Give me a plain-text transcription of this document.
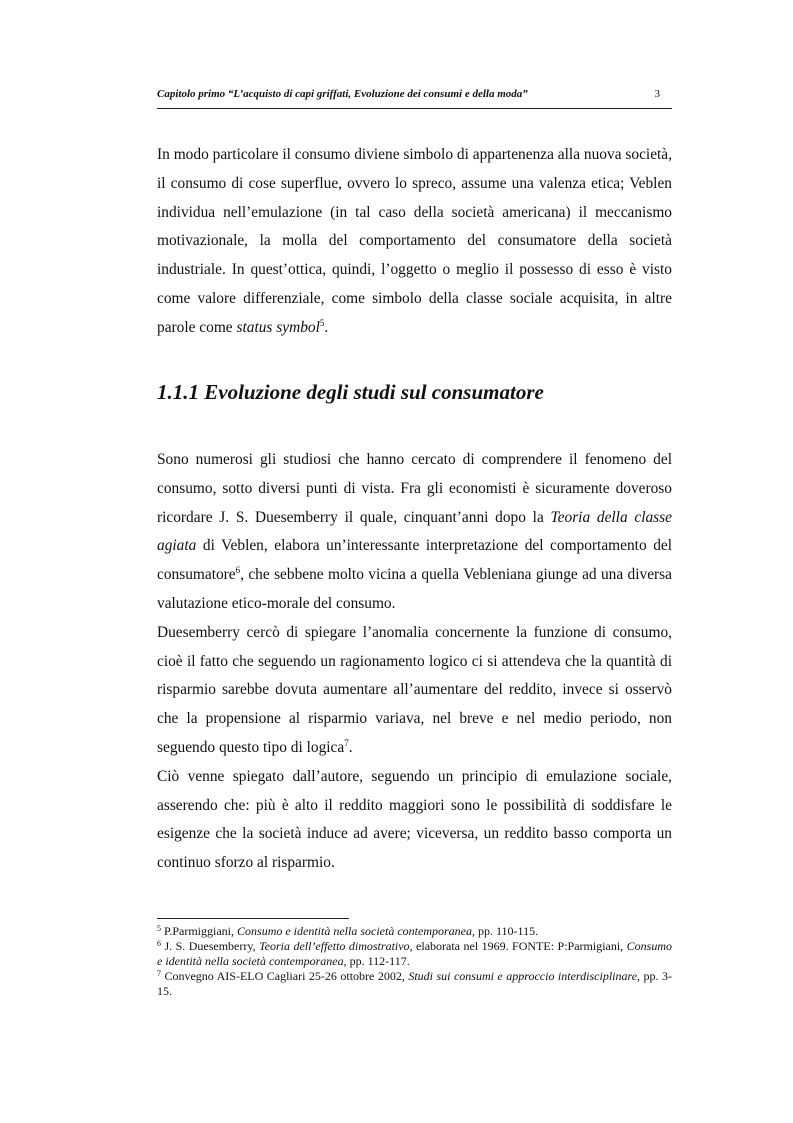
Capitolo primo “L’acquisto di capi griffati, Evoluzione dei consumi e della moda”	3

In modo particolare il consumo diviene simbolo di appartenenza alla nuova società, il consumo di cose superflue, ovvero lo spreco, assume una valenza etica; Veblen individua nell’emulazione (in tal caso della società americana) il meccanismo motivazionale, la molla del comportamento del consumatore della società industriale. In quest’ottica, quindi, l’oggetto o meglio il possesso di esso è visto come valore differenziale, come simbolo della classe sociale acquisita, in altre parole come status symbol$^5$.

1.1.1 Evoluzione degli studi sul consumatore

Sono numerosi gli studiosi che hanno cercato di comprendere il fenomeno del consumo, sotto diversi punti di vista. Fra gli economisti è sicuramente doveroso ricordare J. S. Duesemberry il quale, cinquant’anni dopo la Teoria della classe agiata di Veblen, elabora un’interessante interpretazione del comportamento del consumatore$^6$, che sebbene molto vicina a quella Vebleniana giunge ad una diversa valutazione etico-morale del consumo.

Duesemberry cercò di spiegare l’anomalia concernente la funzione di consumo, cioè il fatto che seguendo un ragionamento logico ci si attendeva che la quantità di risparmio sarebbe dovuta aumentare all’aumentare del reddito, invece si osservò che la propensione al risparmio variava, nel breve e nel medio periodo, non seguendo questo tipo di logica$^7$.

Ciò venne spiegato dall’autore, seguendo un principio di emulazione sociale, asserendo che: più è alto il reddito maggiori sono le possibilità di soddisfare le esigenze che la società induce ad avere; viceversa, un reddito basso comporta un continuo sforzo al risparmio.

$^5$ P.Parmiggiani, Consumo e identità nella società contemporanea, pp. 110-115.

$^6$ J. S. Duesemberry, Teoria dell’effetto dimostrativo, elaborata nel 1969. FONTE: P:Parmigiani, Consumo e identità nella società contemporanea, pp. 112-117.

$^7$ Convegno AIS-ELO Cagliari 25-26 ottobre 2002, Studi sui consumi e approccio interdisciplinare, pp. 3-15.
